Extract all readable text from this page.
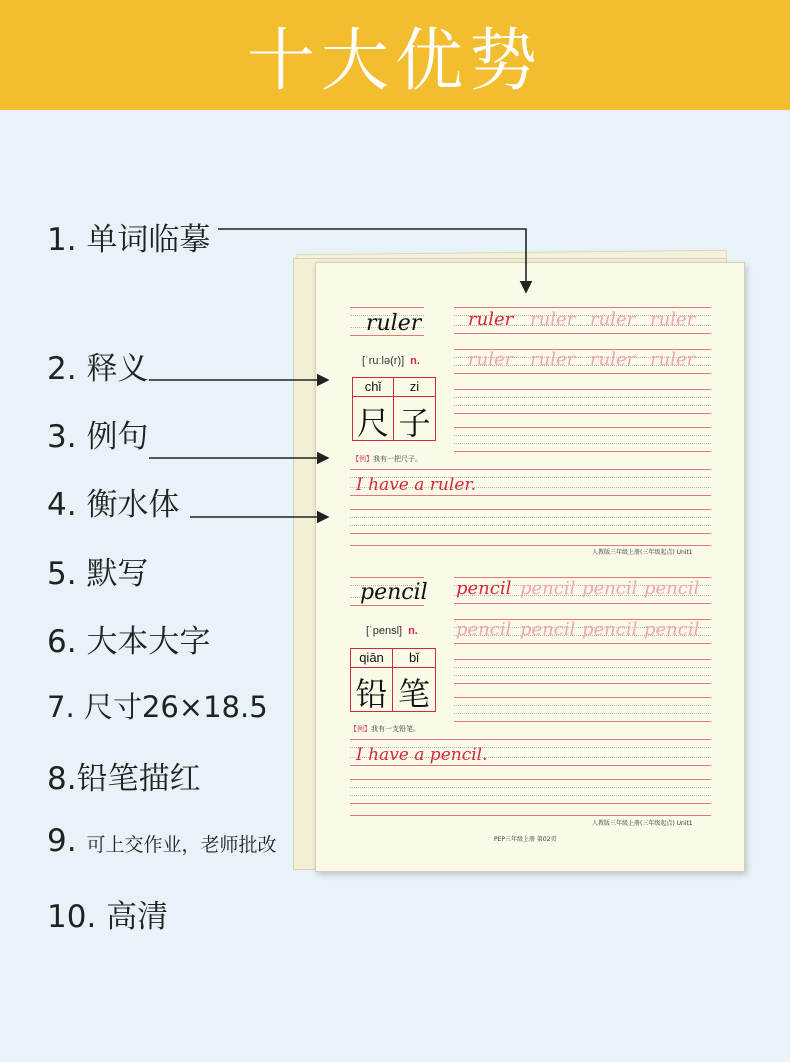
十大优势
1. 单词临摹
2. 释义
3. 例句
4. 衡水体
5. 默写
6. 大本大字
7. 尺寸26×18.5
8.铅笔描红
9. 可上交作业，老师批改
10. 高清
ruler
[ˈruːlə(r)] n.
chǐ
尺
zi
子
ruler ruler ruler ruler
ruler ruler ruler ruler
【例】我有一把尺子。
I have a ruler.
人教版三年级上册(三年级起点) Unit1
pencil
[ˈpensl] n.
qiān
铅
bǐ
笔
pencil pencil pencil pencil
pencil pencil pencil pencil
【例】我有一支铅笔。
I have a pencil.
人教版三年级上册(三年级起点) Unit1
PEP三年级上册 第02页
